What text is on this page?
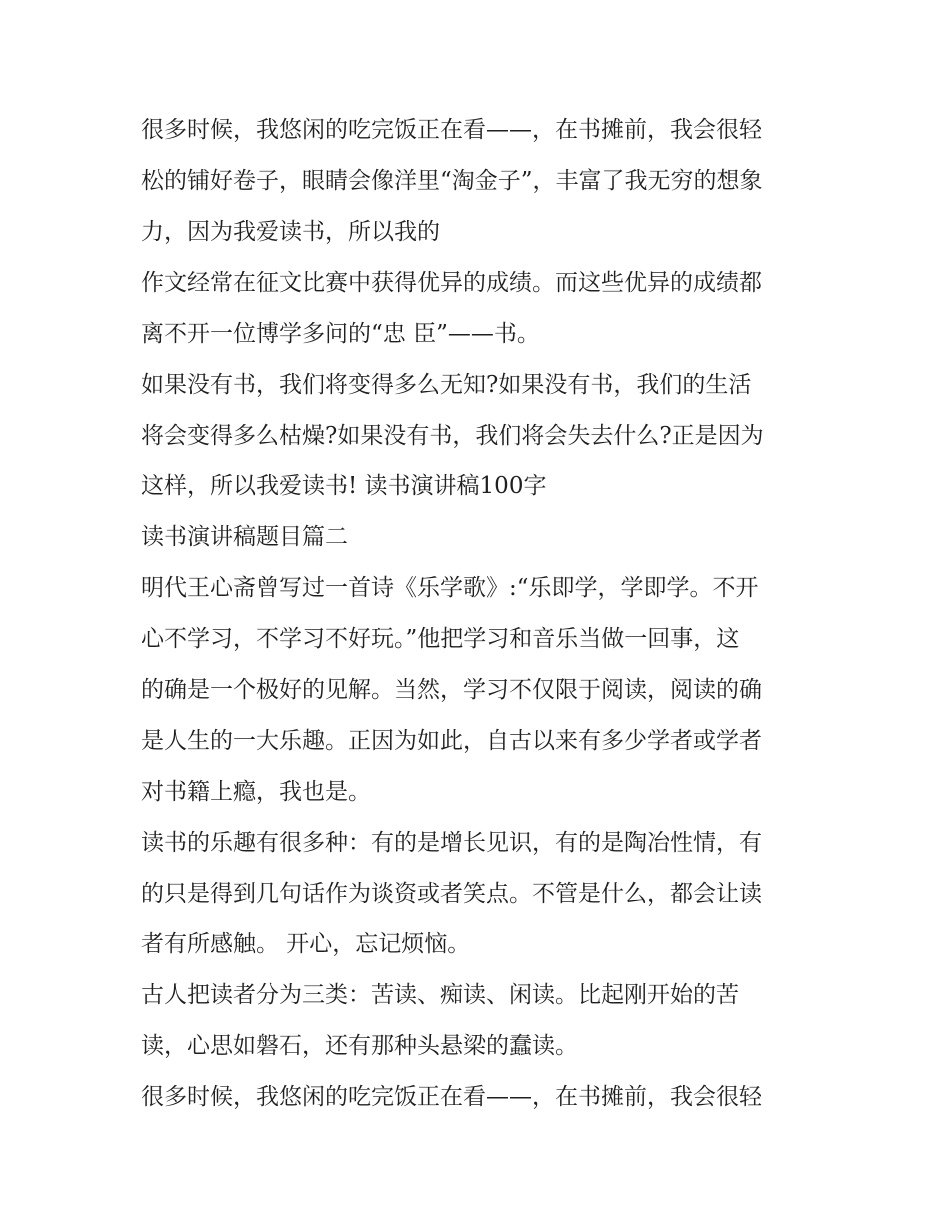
很多时候，我悠闲的吃完饭正在看——，在书摊前，我会很轻

松的铺好卷子，眼睛会像洋里“淘金子”，丰富了我无穷的想象

力，因为我爱读书，所以我的

作文经常在征文比赛中获得优异的成绩。而这些优异的成绩都

离不开一位博学多问的“忠 臣”——书。

如果没有书，我们将变得多么无知?如果没有书，我们的生活

将会变得多么枯燥?如果没有书，我们将会失去什么?正是因为

这样，所以我爱读书! 读书演讲稿100字

读书演讲稿题目篇二

明代王心斋曾写过一首诗《乐学歌》:“乐即学，学即学。不开

心不学习，不学习不好玩。”他把学习和音乐当做一回事，这

的确是一个极好的见解。当然，学习不仅限于阅读，阅读的确

是人生的一大乐趣。正因为如此，自古以来有多少学者或学者

对书籍上瘾，我也是。

读书的乐趣有很多种：有的是增长见识，有的是陶冶性情，有

的只是得到几句话作为谈资或者笑点。不管是什么，都会让读

者有所感触。 开心，忘记烦恼。

古人把读者分为三类：苦读、痴读、闲读。比起刚开始的苦

读，心思如磐石，还有那种头悬梁的蠢读。

很多时候，我悠闲的吃完饭正在看——，在书摊前，我会很轻
